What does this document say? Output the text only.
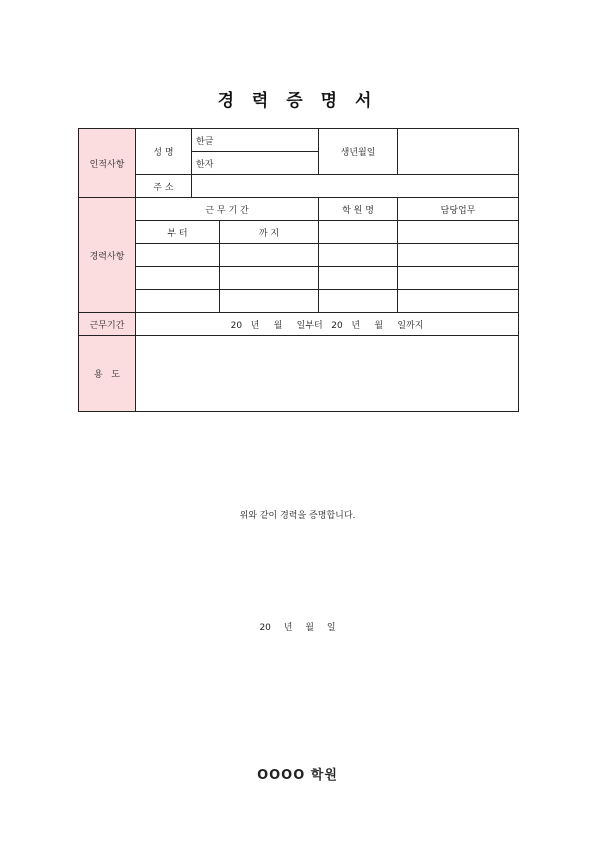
경 력 증 명 서
인적사항	성 명	한글		생년월일	
		한자			
	주 소				
경력사항	근 무 기 간			학 원 명	담당업무
	부 터		까 지		

근무기간	20   년     월     일부터   20   년     월     일까지				
용   도					
위와 같이 경력을 증명합니다.
20 년 월 일
OOOO 학원
